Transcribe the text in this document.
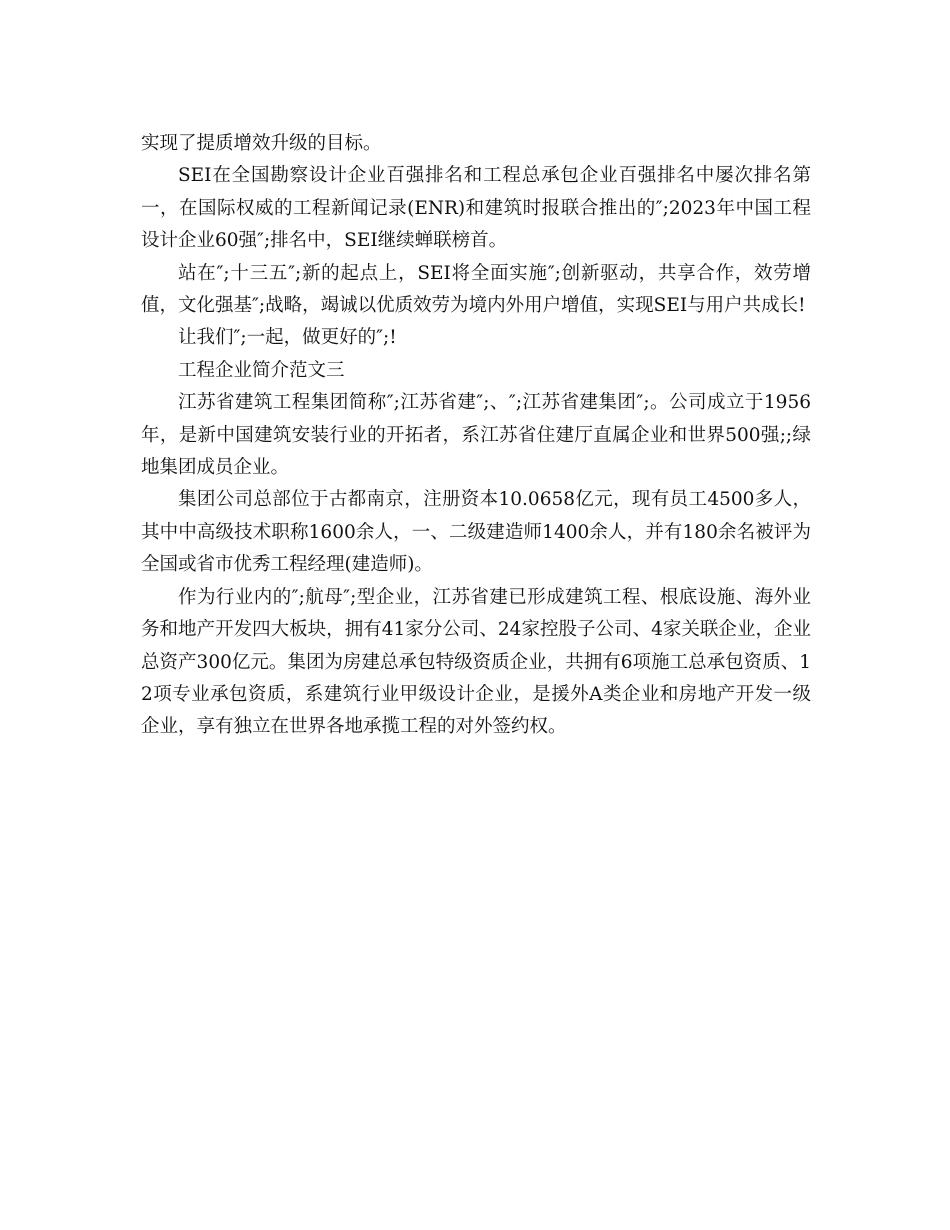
实现了提质增效升级的目标。

SEI在全国勘察设计企业百强排名和工程总承包企业百强排名中屡次排名第一，在国际权威的工程新闻记录(ENR)和建筑时报联合推出的″;2023年中国工程设计企业60强″;排名中，SEI继续蝉联榜首。

站在″;十三五″;新的起点上，SEI将全面实施″;创新驱动，共享合作，效劳增值，文化强基″;战略，竭诚以优质效劳为境内外用户增值，实现SEI与用户共成长!

让我们″;一起，做更好的″;!

工程企业简介范文三

江苏省建筑工程集团简称″;江苏省建″;、″;江苏省建集团″;。公司成立于1956年，是新中国建筑安装行业的开拓者，系江苏省住建厅直属企业和世界500强;;绿地集团成员企业。

集团公司总部位于古都南京，注册资本10.0658亿元，现有员工4500多人，其中中高级技术职称1600余人，一、二级建造师1400余人，并有180余名被评为全国或省市优秀工程经理(建造师)。

作为行业内的″;航母″;型企业，江苏省建已形成建筑工程、根底设施、海外业务和地产开发四大板块，拥有41家分公司、24家控股子公司、4家关联企业，企业总资产300亿元。集团为房建总承包特级资质企业，共拥有6项施工总承包资质、12项专业承包资质，系建筑行业甲级设计企业，是援外A类企业和房地产开发一级企业，享有独立在世界各地承揽工程的对外签约权。
